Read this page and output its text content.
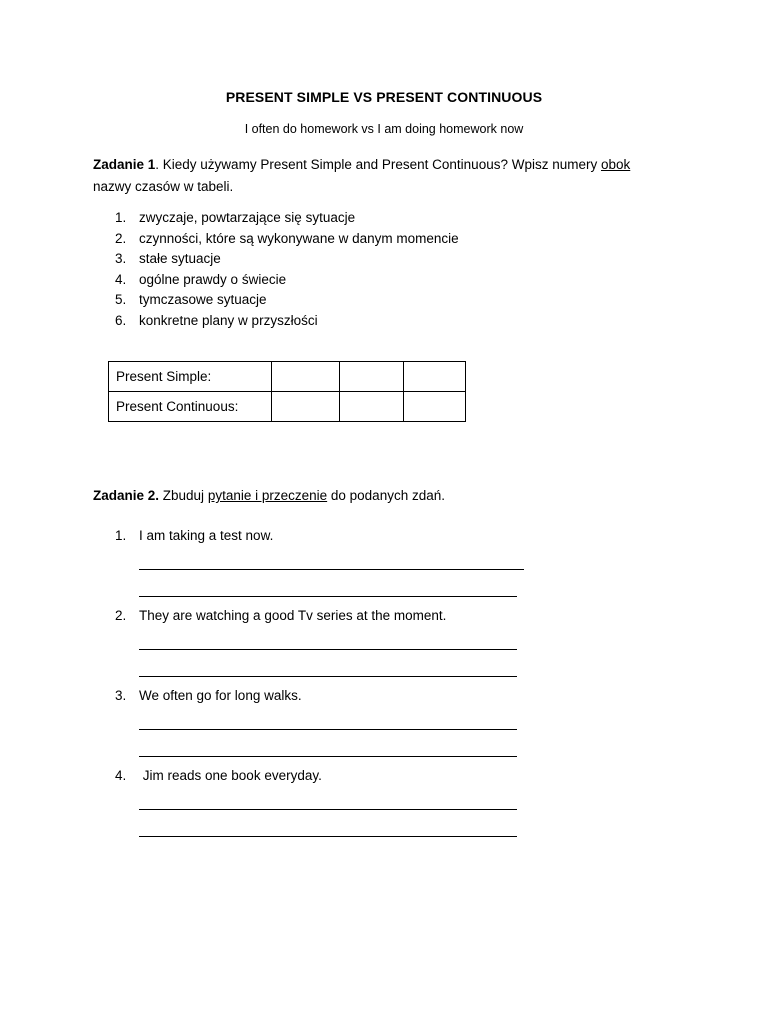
PRESENT SIMPLE VS PRESENT CONTINUOUS
I often do homework vs I am doing homework now
Zadanie 1. Kiedy używamy Present Simple and Present Continuous? Wpisz numery obok
nazwy czasów w tabeli.
1. zwyczaje, powtarzające się sytuacje
2. czynności, które są wykonywane w danym momencie
3. stałe sytuacje
4. ogólne prawdy o świecie
5. tymczasowe sytuacje
6. konkretne plany w przyszłości
Present Simple:			
Present Continuous:			
Zadanie 2. Zbuduj pytanie i przeczenie do podanych zdań.
1. I am taking a test now.
2. They are watching a good Tv series at the moment.
3. We often go for long walks.
4. Jim reads one book everyday.
